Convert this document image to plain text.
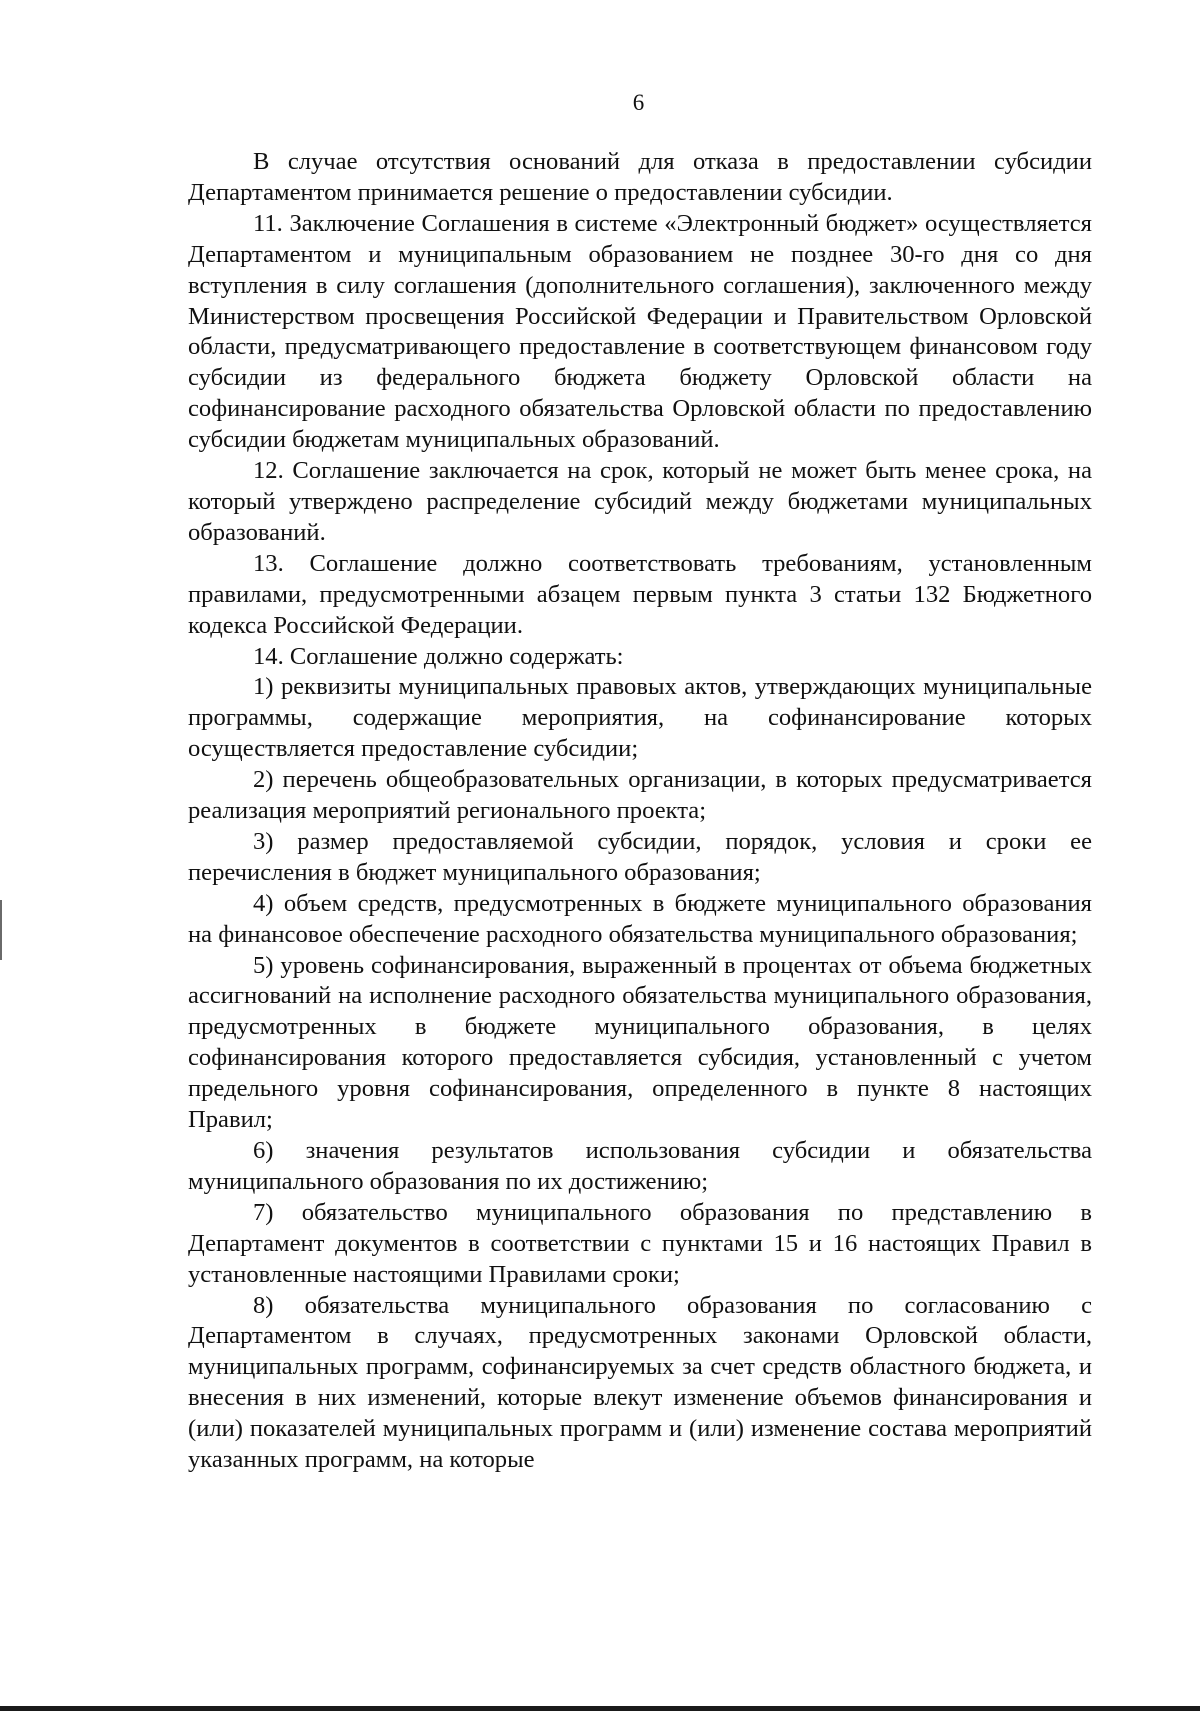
6

В случае отсутствия оснований для отказа в предоставлении субсидии Департаментом принимается решение о предоставлении субсидии.

11. Заключение Соглашения в системе «Электронный бюджет» осуществляется Департаментом и муниципальным образованием не позднее 30-го дня со дня вступления в силу соглашения (дополнительного соглашения), заключенного между Министерством просвещения Российской Федерации и Правительством Орловской области, предусматривающего предоставление в соответствующем финансовом году субсидии из федерального бюджета бюджету Орловской области на софинансирование расходного обязательства Орловской области по предоставлению субсидии бюджетам муниципальных образований.

12. Соглашение заключается на срок, который не может быть менее срока, на который утверждено распределение субсидий между бюджетами муниципальных образований.

13. Соглашение должно соответствовать требованиям, установленным правилами, предусмотренными абзацем первым пункта 3 статьи 132 Бюджетного кодекса Российской Федерации.

14. Соглашение должно содержать:

1) реквизиты муниципальных правовых актов, утверждающих муниципальные программы, содержащие мероприятия, на софинансирование которых осуществляется предоставление субсидии;

2) перечень общеобразовательных организации, в которых предусматривается реализация мероприятий регионального проекта;

3) размер предоставляемой субсидии, порядок, условия и сроки ее перечисления в бюджет муниципального образования;

4) объем средств, предусмотренных в бюджете муниципального образования на финансовое обеспечение расходного обязательства муниципального образования;

5) уровень софинансирования, выраженный в процентах от объема бюджетных ассигнований на исполнение расходного обязательства муниципального образования, предусмотренных в бюджете муниципального образования, в целях софинансирования которого предоставляется субсидия, установленный с учетом предельного уровня софинансирования, определенного в пункте 8 настоящих Правил;

6) значения результатов использования субсидии и обязательства муниципального образования по их достижению;

7) обязательство муниципального образования по представлению в Департамент документов в соответствии с пунктами 15 и 16 настоящих Правил в установленные настоящими Правилами сроки;

8) обязательства муниципального образования по согласованию с Департаментом в случаях, предусмотренных законами Орловской области, муниципальных программ, софинансируемых за счет средств областного бюджета, и внесения в них изменений, которые влекут изменение объемов финансирования и (или) показателей муниципальных программ и (или) изменение состава мероприятий указанных программ, на которые
